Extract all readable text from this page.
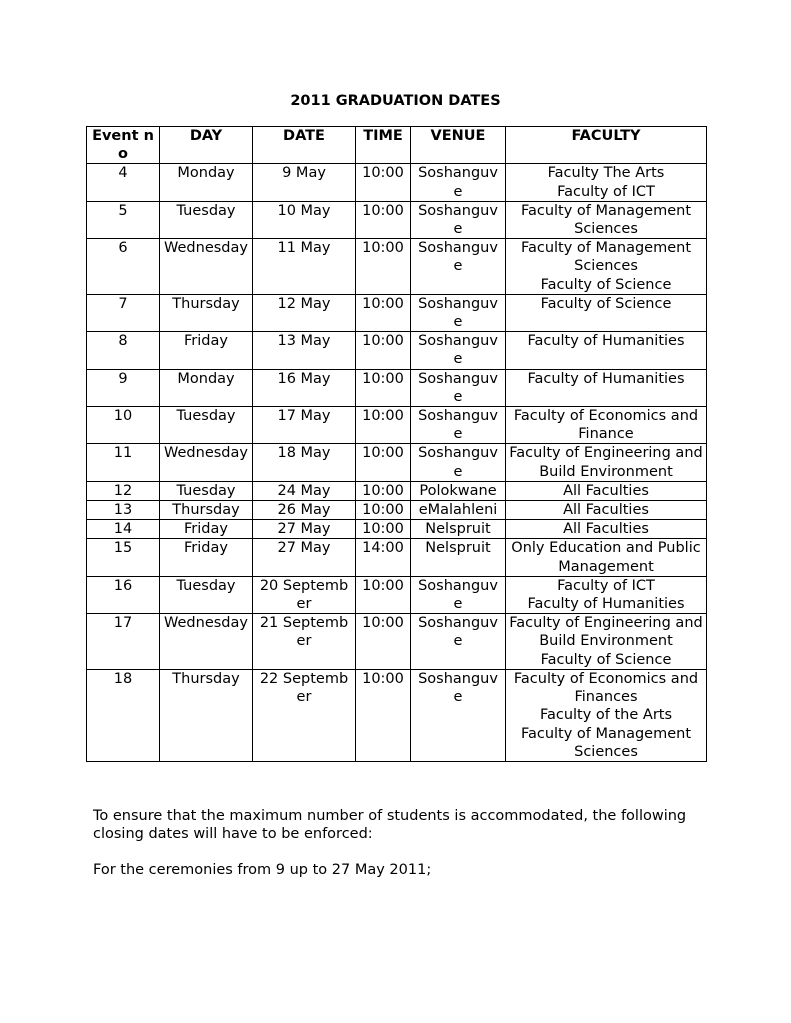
2011 GRADUATION DATES
Event no	DAY	DATE	TIME	VENUE	FACULTY
4	Monday	9 May	10:00	Soshanguve	Faculty The Arts
Faculty of ICT
5	Tuesday	10 May	10:00	Soshanguve	Faculty of Management Sciences
6	Wednesday	11 May	10:00	Soshanguve	Faculty of Management Sciences
Faculty of Science
7	Thursday	12 May	10:00	Soshanguve	Faculty of Science
8	Friday	13 May	10:00	Soshanguve	Faculty of Humanities
9	Monday	16 May	10:00	Soshanguve	Faculty of Humanities
10	Tuesday	17 May	10:00	Soshanguve	Faculty of Economics and Finance
11	Wednesday	18 May	10:00	Soshanguve	Faculty of Engineering and Build Environment
12	Tuesday	24 May	10:00	Polokwane	All Faculties
13	Thursday	26 May	10:00	eMalahleni	All Faculties
14	Friday	27 May	10:00	Nelspruit	All Faculties
15	Friday	27 May	14:00	Nelspruit	Only Education and Public Management
16	Tuesday	20 September	10:00	Soshanguve	Faculty of ICT
Faculty of Humanities
17	Wednesday	21 September	10:00	Soshanguve	Faculty of Engineering and Build Environment
Faculty of Science
18	Thursday	22 September	10:00	Soshanguve	Faculty of Economics and Finances
Faculty of the Arts
Faculty of Management Sciences
To ensure that the maximum number of students is accommodated, the following closing dates will have to be enforced:
For the ceremonies from 9 up to 27 May 2011;
